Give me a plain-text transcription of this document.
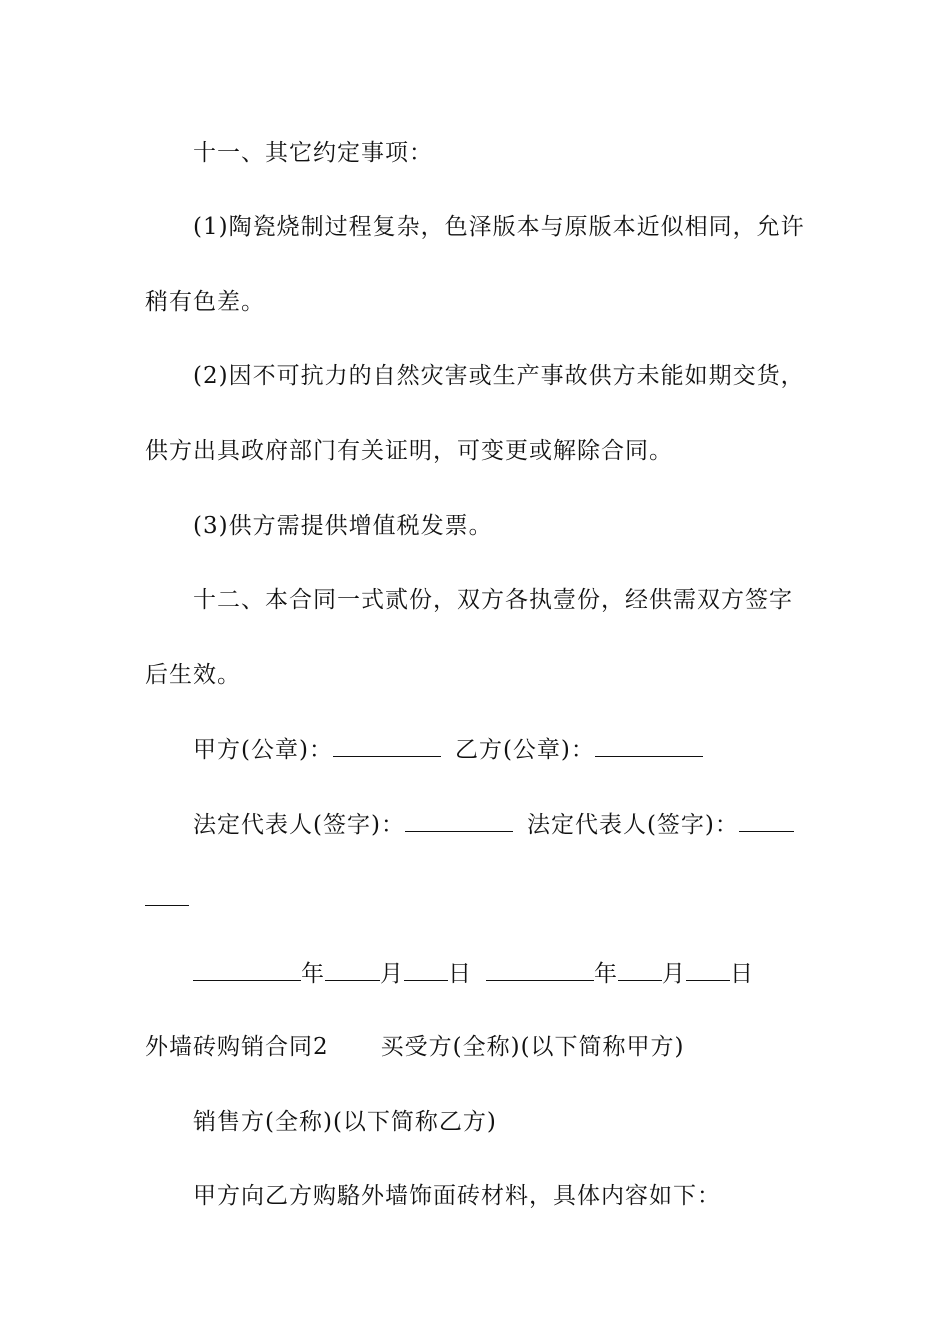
十一、其它约定事项：
(1)陶瓷烧制过程复杂，色泽版本与原版本近似相同，允许
稍有色差。
(2)因不可抗力的自然灾害或生产事故供方未能如期交货，
供方出具政府部门有关证明，可变更或解除合同。
(3)供方需提供增值税发票。
十二、本合同一式贰份，双方各执壹份，经供需双方签字
后生效。
甲方(公章)：	乙方(公章)：
法定代表人(签字)：	法定代表人(签字)：
年 月 日	年 月 日
外墙砖购销合同2 买受方(全称)(以下简称甲方)
销售方(全称)(以下简称乙方)
甲方向乙方购駱外墙饰面砖材料，具体内容如下：
